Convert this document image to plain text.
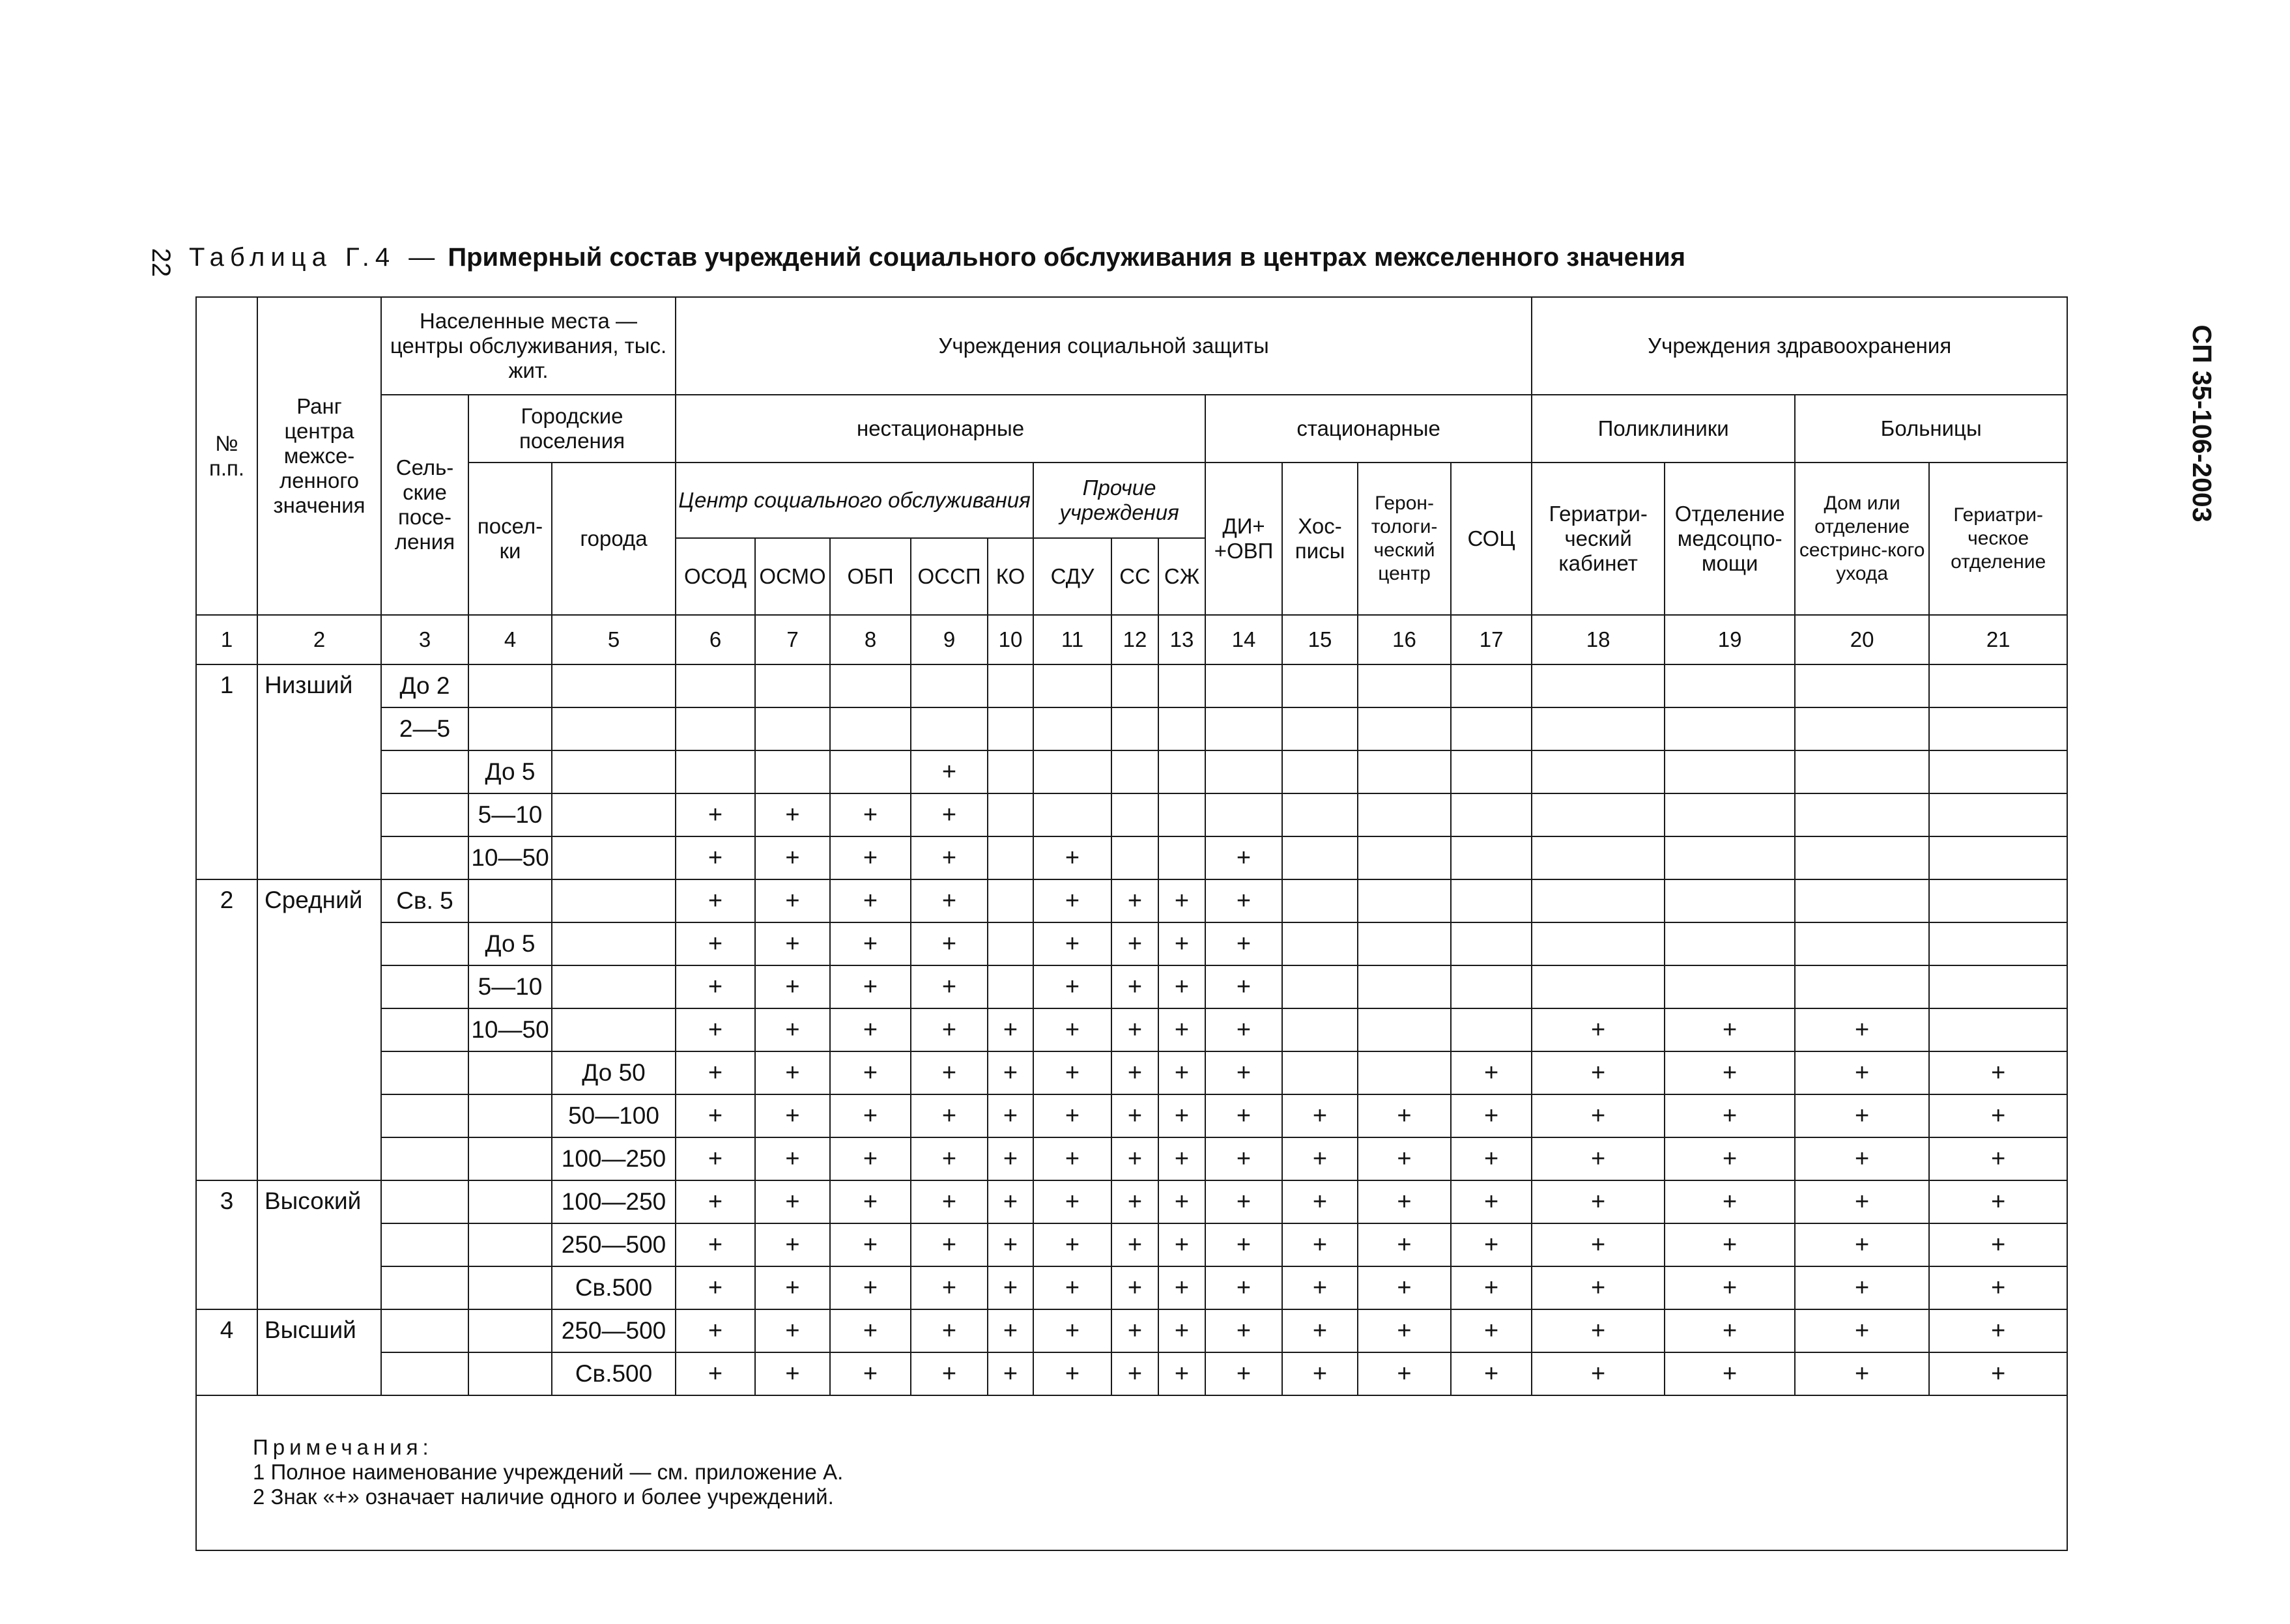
22
СП 35-106-2003
Таблица Г.4 — Примерный состав учреждений социального обслуживания в центрах межселенного значения
№ п.п.	Ранг центра межсе-ленного значения	Населенные места — центры обслуживания, тыс. жит.			Учреждения социальной защиты												Учреждения здравоохранения			
		Сель-ские посе-ления	Городские поселения		нестационарные								стационарные				Поликлиники		Больницы	
			посел-ки	города	Центр социального обслуживания					Прочие учреждения			ДИ+ +ОВП	Хос-писы	Герон-тологи-ческий центр	СОЦ	Гериатри-ческий кабинет	Отделение медсоцпо-мощи	Дом или отделение сестринс-кого ухода	Гериатри-ческое отделение
					ОСОД	ОСМО	ОБП	ОССП	КО	СДУ	СС	СЖ								
1	2	3	4	5	6	7	8	9	10	11	12	13	14	15	16	17	18	19	20	21
1	Низший	До 2																		
		2—5																		
			До 5					+												
			5—10		+	+	+	+												
			10—50		+	+	+	+		+			+							
2	Средний	Св. 5			+	+	+	+		+	+	+	+							
			До 5		+	+	+	+		+	+	+	+							
			5—10		+	+	+	+		+	+	+	+							
			10—50		+	+	+	+	+	+	+	+	+				+	+	+	
				До 50	+	+	+	+	+	+	+	+	+			+	+	+	+	+
				50—100	+	+	+	+	+	+	+	+	+	+	+	+	+	+	+	+
				100—250	+	+	+	+	+	+	+	+	+	+	+	+	+	+	+	+
3	Высокий			100—250	+	+	+	+	+	+	+	+	+	+	+	+	+	+	+	+
				250—500	+	+	+	+	+	+	+	+	+	+	+	+	+	+	+	+
				Св.500	+	+	+	+	+	+	+	+	+	+	+	+	+	+	+	+
4	Высший			250—500	+	+	+	+	+	+	+	+	+	+	+	+	+	+	+	+
				Св.500	+	+	+	+	+	+	+	+	+	+	+	+	+	+	+	+

Примечания:
1 Полное наименование учреждений — см. приложение А.
2 Знак «+» означает наличие одного и более учреждений.																				
